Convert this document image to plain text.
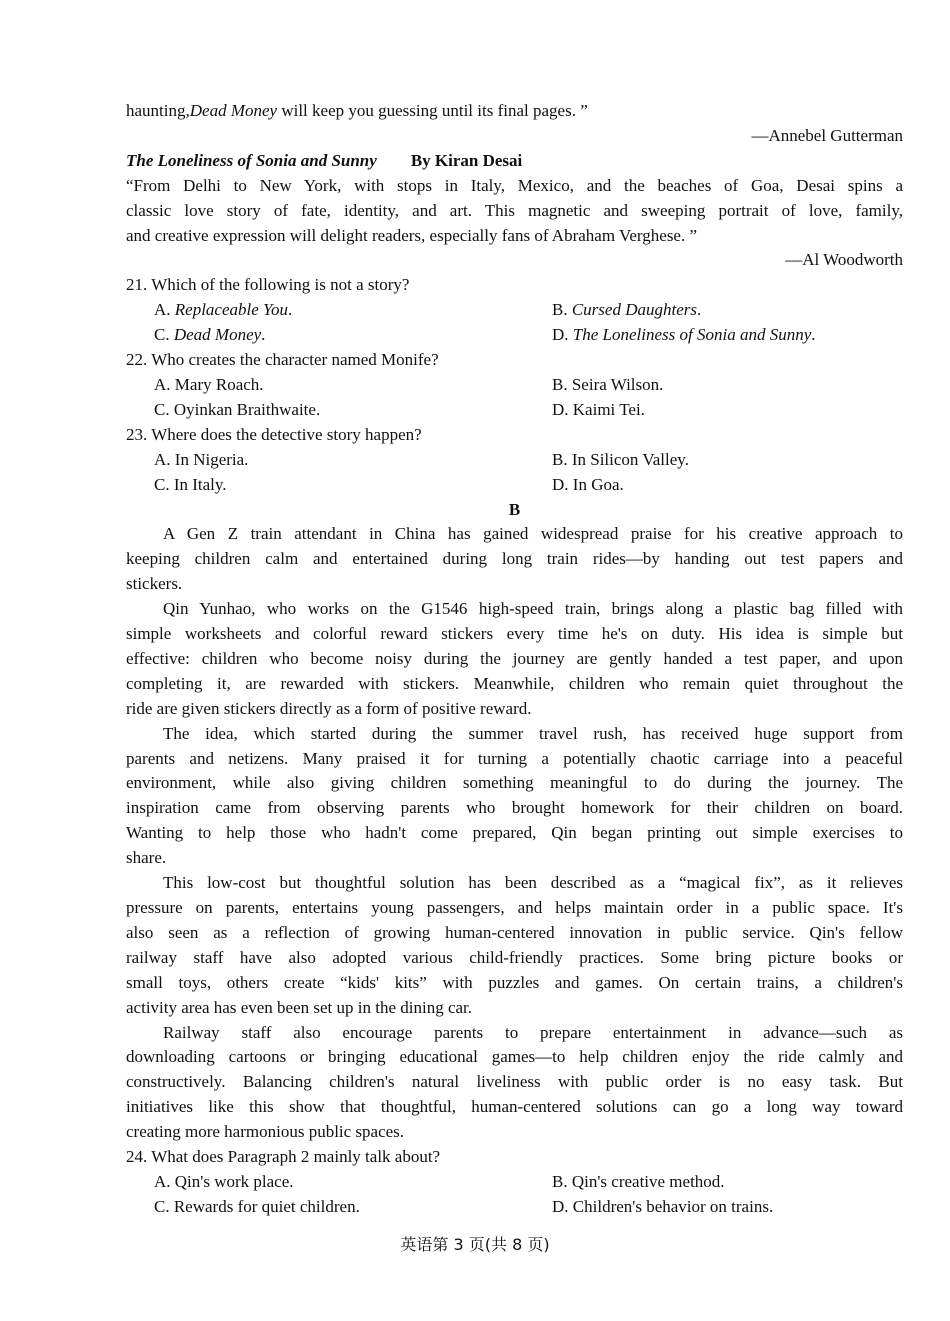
haunting,Dead Money will keep you guessing until its final pages. ”
—Annebel Gutterman
The Loneliness of Sonia and Sunny By Kiran Desai
“From Delhi to New York, with stops in Italy, Mexico, and the beaches of Goa, Desai spins a
classic love story of fate, identity, and art. This magnetic and sweeping portrait of love, family,
and creative expression will delight readers, especially fans of Abraham Verghese. ”
—Al Woodworth
21. Which of the following is not a story?
A. Replaceable You.	B. Cursed Daughters.
C. Dead Money.	D. The Loneliness of Sonia and Sunny.
22. Who creates the character named Monife?
A. Mary Roach.	B. Seira Wilson.
C. Oyinkan Braithwaite.	D. Kaimi Tei.
23. Where does the detective story happen?
A. In Nigeria.	B. In Silicon Valley.
C. In Italy.	D. In Goa.
B
A Gen Z train attendant in China has gained widespread praise for his creative approach to
keeping children calm and entertained during long train rides—by handing out test papers and
stickers.
Qin Yunhao, who works on the G1546 high-speed train, brings along a plastic bag filled with
simple worksheets and colorful reward stickers every time he's on duty. His idea is simple but
effective: children who become noisy during the journey are gently handed a test paper, and upon
completing it, are rewarded with stickers. Meanwhile, children who remain quiet throughout the
ride are given stickers directly as a form of positive reward.
The idea, which started during the summer travel rush, has received huge support from
parents and netizens. Many praised it for turning a potentially chaotic carriage into a peaceful
environment, while also giving children something meaningful to do during the journey. The
inspiration came from observing parents who brought homework for their children on board.
Wanting to help those who hadn't come prepared, Qin began printing out simple exercises to
share.
This low-cost but thoughtful solution has been described as a “magical fix”, as it relieves
pressure on parents, entertains young passengers, and helps maintain order in a public space. It's
also seen as a reflection of growing human-centered innovation in public service. Qin's fellow
railway staff have also adopted various child-friendly practices. Some bring picture books or
small toys, others create “kids' kits” with puzzles and games. On certain trains, a children's
activity area has even been set up in the dining car.
Railway staff also encourage parents to prepare entertainment in advance—such as
downloading cartoons or bringing educational games—to help children enjoy the ride calmly and
constructively. Balancing children's natural liveliness with public order is no easy task. But
initiatives like this show that thoughtful, human-centered solutions can go a long way toward
creating more harmonious public spaces.
24. What does Paragraph 2 mainly talk about?
A. Qin's work place.	B. Qin's creative method.
C. Rewards for quiet children.	D. Children's behavior on trains.
英语第 3 页(共 8 页)
